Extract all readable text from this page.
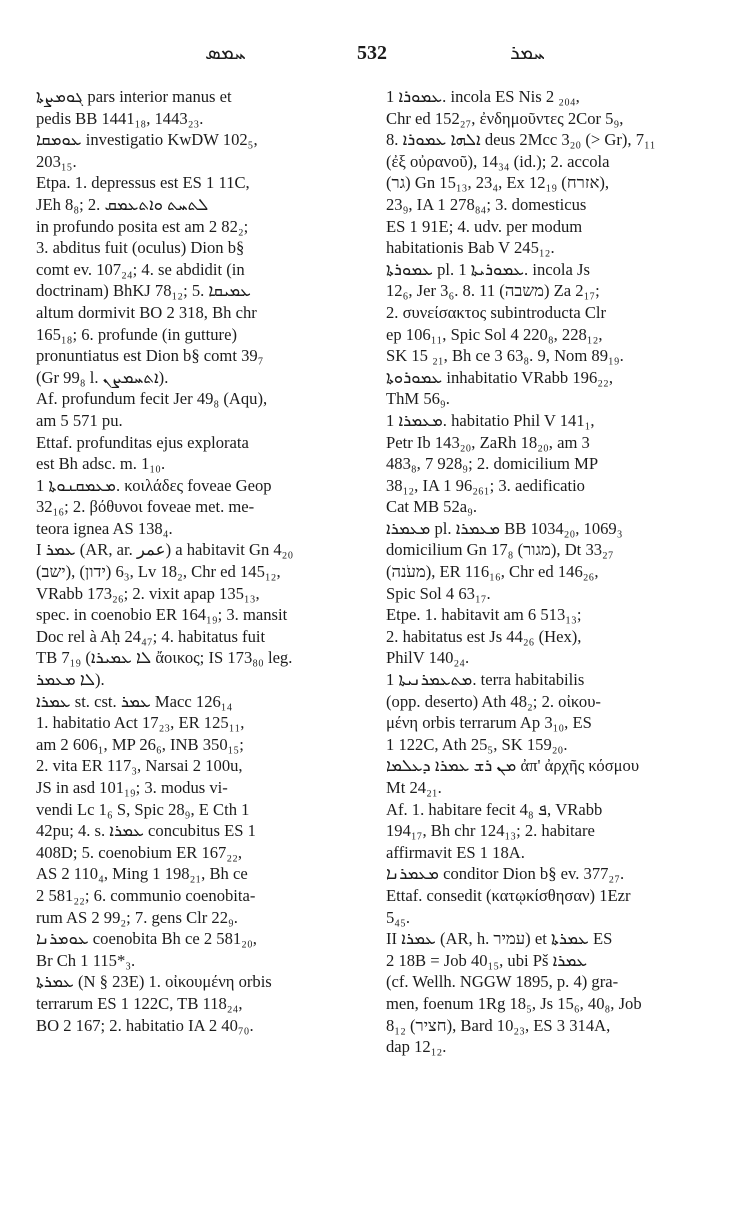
ܚܡܣ	532	ܚܡܪ
ܓܘܡܨܬܐ pars interior manus et
pedis BB 1441₁₈, 1443₂₃.
ܥܘܡܩܐ investigatio KwDW 102₅,
203₁₅.
Etpa. 1. depressus est ES 1 11C,
JEh 8₈; 2. ܠܬܚܬ ܘܐܬܥܡܩ
in profundo posita est am 2 82₂;
3. abditus fuit (oculus) Dion b§
comt ev. 107₂₄; 4. se abdidit (in
doctrinam) BhKJ 78₁₂; 5. ܥܡܝܩܐ
altum dormivit BO 2 318, Bh chr
165₁₈; 6. profunde (in gutture)
pronuntiatus est Dion b§ comt 39₇
(Gr 99₈ l. ܐܬܚܡܨܢ).
Af. profundum fecit Jer 49₈ (Aqu),
am 5 571 pu.
Ettaf. profunditas ejus explorata
est Bh adsc. m. 1₁₀.
ܡܥܡܩܢܘܬܐ 1. κοιλάδες foveae Geop
32₁₆; 2. βόθυνοι foveae met. me-
teora ignea AS 138₄.
I ܥܡܪ (AR, ar. عمر) a habitavit Gn 4₂₀
(ישב), 6₃ (ידון), Lv 18₂, Chr ed 145₁₂,
VRabb 173₂₆; 2. vixit apap 135₁₃,
spec. in coenobio ER 164₁₉; 3. mansit
Doc rel à Aḥ 24₄₇; 4. habitatus fuit
TB 7₁₉ (ܠܐ ܥܡܝܪܐ ἄοικος; IS 173₈₀ leg.
ܠܐ ܡܥܡܪ).
ܥܡܪܐ st. cst. ܥܡܪ Macc 126₁₄
1. habitatio Act 17₂₃, ER 125₁₁,
am 2 606₁, MP 26₆, INB 350₁₅;
2. vita ER 117₃, Narsai 2 100u,
JS in asd 101₁₉; 3. modus vi-
vendi Lc 1₆ S, Spic 28₉, E Cth 1
42pu; 4. s. ܥܡܪܐ concubitus ES 1
408D; 5. coenobium ER 167₂₂,
AS 2 110₄, Ming 1 198₂₁, Bh ce
2 581₂₂; 6. communio coenobita-
rum AS 2 99₂; 7. gens Clr 22₉.
ܥܘܡܪܢܐ coenobita Bh ce 2 581₂₀,
Br Ch 1 115*₃.
ܥܡܪܬܐ (N § 23E) 1. οἰκουμένη orbis
terrarum ES 1 122C, TB 118₂₄,
BO 2 167; 2. habitatio IA 2 40₇₀.
ܥܡܘܪܐ 1. incola ES Nis 2 ₂₀₄,
Chr ed 152₂₇, ἐνδημοῦντες 2Cor 5₉,
8. ܐܠܗܐ ܥܡܘܪܐ deus 2Mcc 3₂₀ (> Gr), 7₁₁
(ἐξ οὐρανοῦ), 14₃₄ (id.); 2. accola
(גר) Gn 15₁₃, 23₄, Ex 12₁₉ (אזרח),
23₉, IA 1 278₈₄; 3. domesticus
ES 1 91E; 4. udv. per modum
habitationis Bab V 245₁₂.
ܥܡܘܪܬܐ pl. ܥܡܘܪܝܬܐ 1. incola Js
12₆, Jer 3₆. 8. 11 (משבה) Za 2₁₇;
2. συνείσακτος subintroducta Clr
ep 106₁₁, Spic Sol 4 220₈, 228₁₂,
SK 15 ₂₁, Bh ce 3 63₈. 9, Nom 89₁₉.
ܥܡܘܪܘܬܐ inhabitatio VRabb 196₂₂,
ThM 56₉.
ܡܥܡܪܐ 1. habitatio Phil V 141₁,
Petr Ib 143₂₀, ZaRh 18₂₀, am 3
483₈, 7 928₉; 2. domicilium MP
38₁₂, IA 1 96₂₆₁; 3. aedificatio
Cat MB 52a₉.
ܡܥܡܪܐ pl. ܡܥܡܪܐ BB 1034₂₀, 1069₃
domicilium Gn 17₈ (מגור), Dt 33₂₇
(מעֹנה), ER 116₁₆, Chr ed 146₂₆,
Spic Sol 4 63₁₇.
Etpe. 1. habitavit am 6 513₁₃;
2. habitatus est Js 44₂₆ (Hex),
PhilV 140₂₄.
ܡܬܥܡܪܢܝܬܐ 1. terra habitabilis
(opp. deserto) Ath 48₂; 2. οἰκου-
μένη orbis terrarum Ap 3₁₀, ES
1 122C, Ath 25₅, SK 159₂₀.
ܡܢ ܪܫ ܥܡܪܐ ܕܥܠܡܐ ἀπ' ἀρχῆς κόσμου
Mt 24₂₁.
Af. 1. habitare fecit ܦ 4₈, VRabb
194₁₇, Bh chr 124₁₃; 2. habitare
affirmavit ES 1 18A.
ܡܥܡܪܢܐ conditor Dion b§ ev. 377₂₇.
Ettaf. consedit (κατῳκίσθησαν) 1Ezr
5₄₅.
II ܥܡܪܐ (AR, h. עמיר) et ܥܡܪܬܐ ES
2 18B = Job 40₁₅, ubi Pš ܥܡܪܐ
(cf. Wellh. NGGW 1895, p. 4) gra-
men, foenum 1Rg 18₅, Js 15₆, 40₈, Job
8₁₂ (חציר), Bard 10₂₃, ES 3 314A,
dap 12₁₂.
